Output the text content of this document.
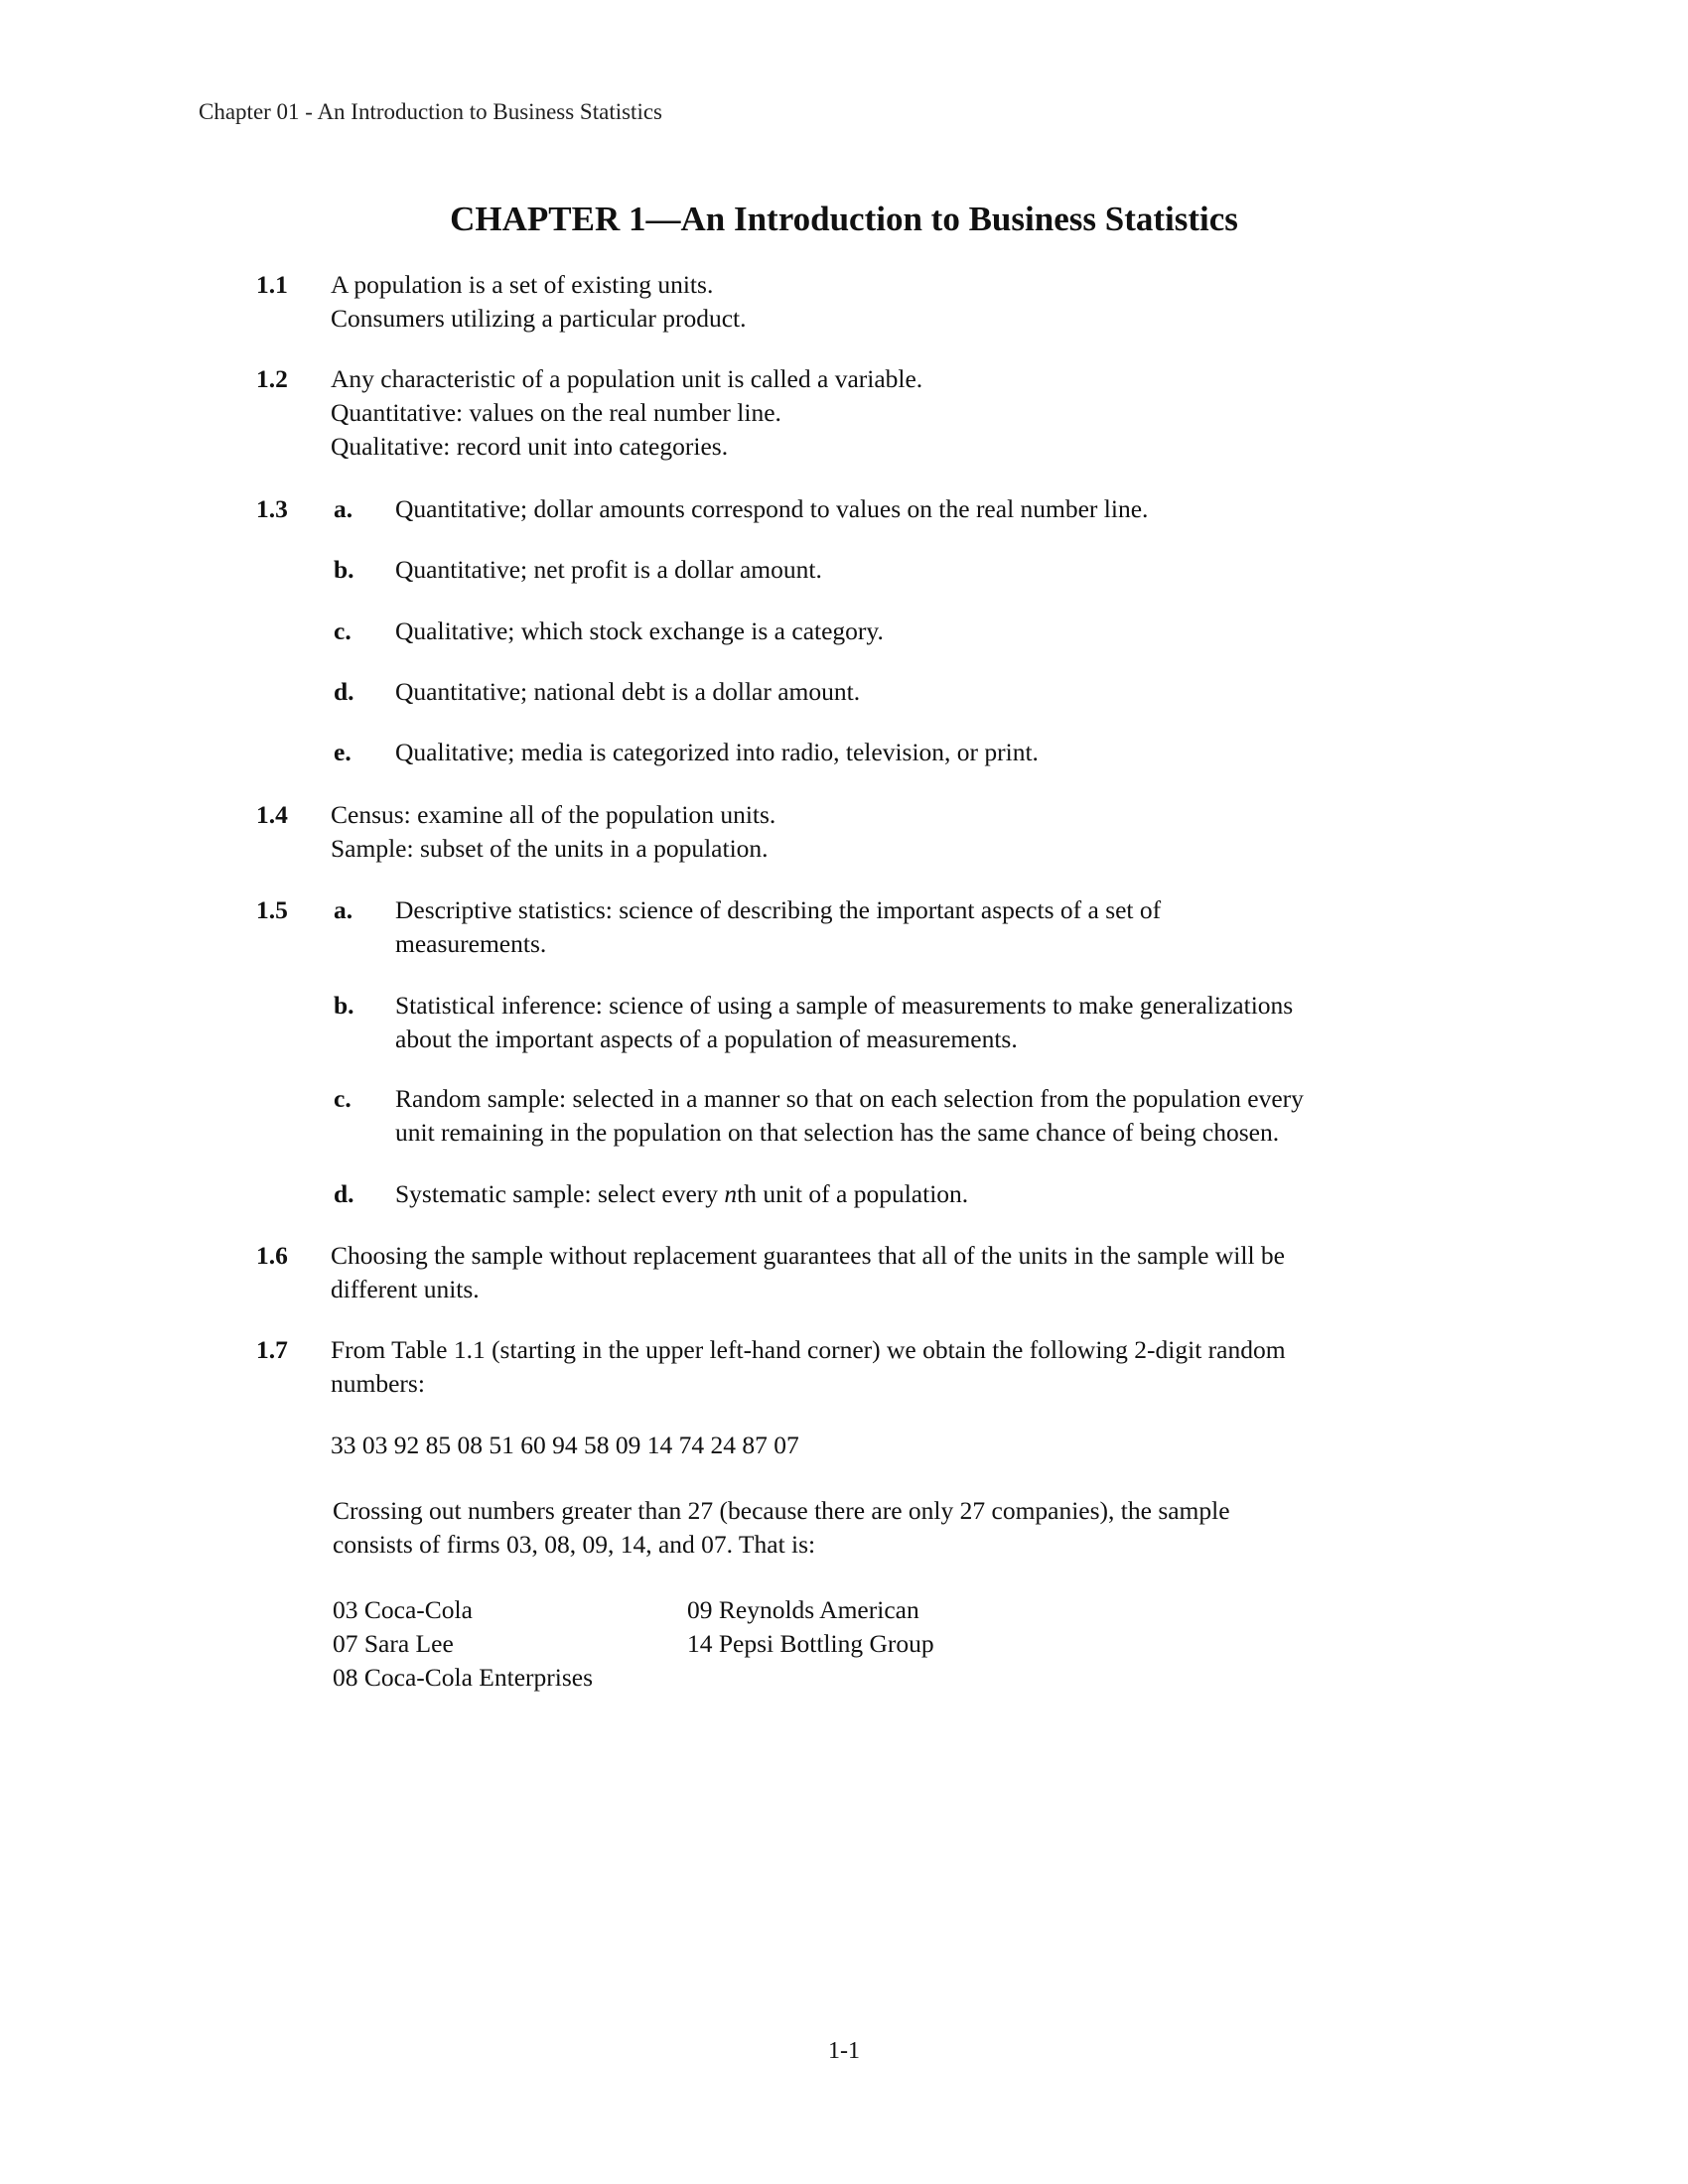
Chapter 01 - An Introduction to Business Statistics
CHAPTER 1—An Introduction to Business Statistics
1.1 A population is a set of existing units.
Consumers utilizing a particular product.
1.2 Any characteristic of a population unit is called a variable.
Quantitative: values on the real number line.
Qualitative: record unit into categories.
1.3 a. Quantitative; dollar amounts correspond to values on the real number line.
b. Quantitative; net profit is a dollar amount.
c. Qualitative; which stock exchange is a category.
d. Quantitative; national debt is a dollar amount.
e. Qualitative; media is categorized into radio, television, or print.
1.4 Census: examine all of the population units.
Sample: subset of the units in a population.
1.5 a. Descriptive statistics: science of describing the important aspects of a set of
measurements.
b. Statistical inference: science of using a sample of measurements to make generalizations
about the important aspects of a population of measurements.
c. Random sample: selected in a manner so that on each selection from the population every
unit remaining in the population on that selection has the same chance of being chosen.
d. Systematic sample: select every nth unit of a population.
1.6 Choosing the sample without replacement guarantees that all of the units in the sample will be
different units.
1.7 From Table 1.1 (starting in the upper left-hand corner) we obtain the following 2-digit random
numbers:
33 03 92 85 08 51 60 94 58 09 14 74 24 87 07
Crossing out numbers greater than 27 (because there are only 27 companies), the sample
consists of firms 03, 08, 09, 14, and 07. That is:
03 Coca-Cola
07 Sara Lee
08 Coca-Cola Enterprises
09 Reynolds American
14 Pepsi Bottling Group
1-1
